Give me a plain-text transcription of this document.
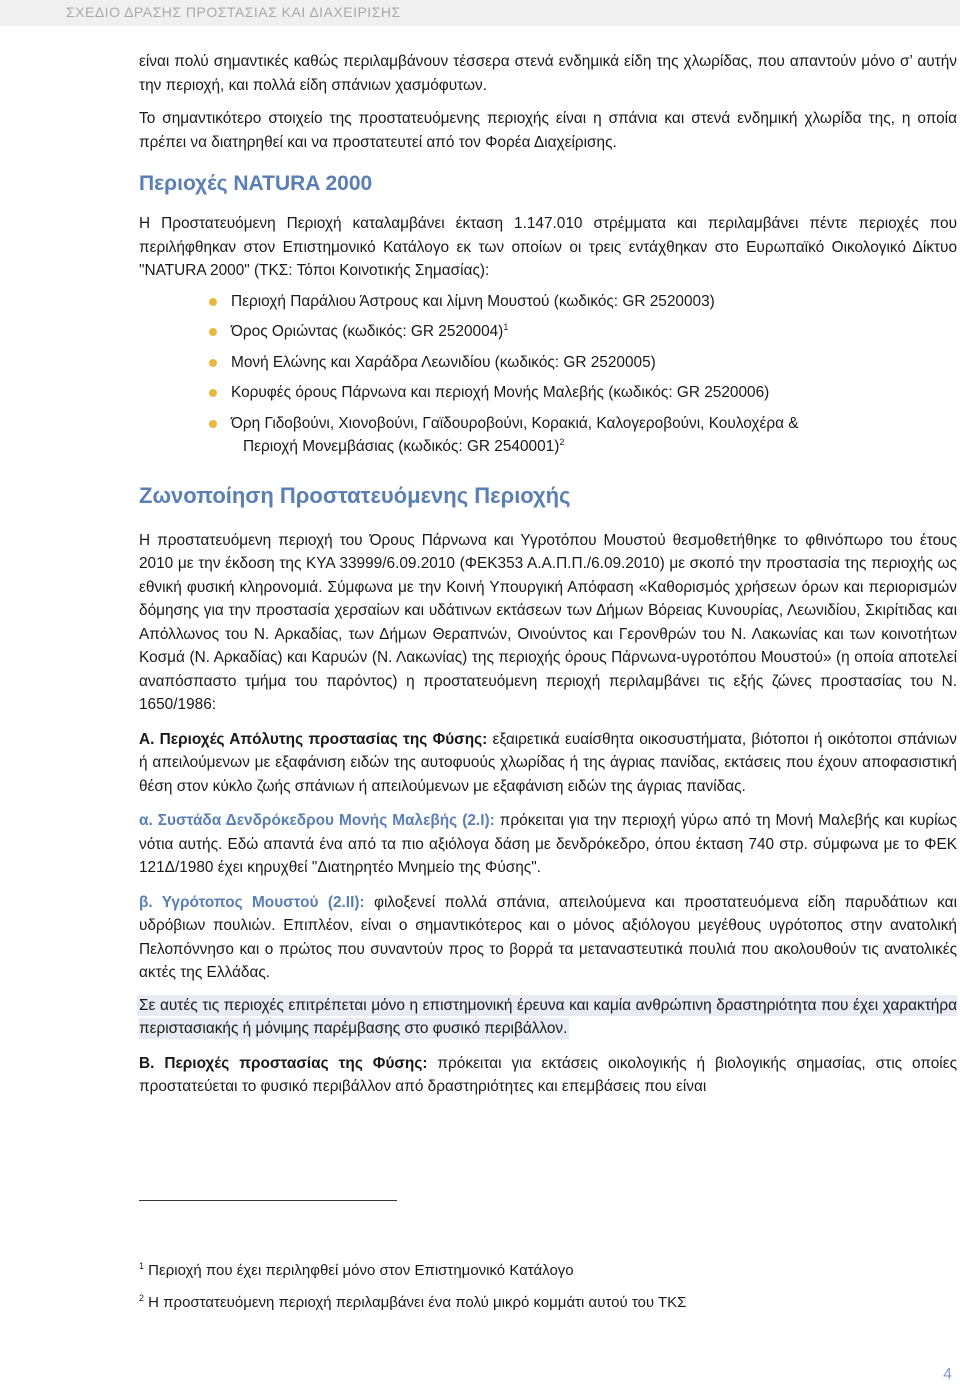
ΣΧΕΔΙΟ ΔΡΑΣΗΣ ΠΡΟΣΤΑΣΙΑΣ ΚΑΙ ΔΙΑΧΕΙΡΙΣΗΣ

είναι πολύ σημαντικές καθώς περιλαμβάνουν τέσσερα στενά ενδημικά είδη της χλωρίδας, που απαντούν μόνο σ’ αυτήν την περιοχή, και πολλά είδη σπάνιων χασμόφυτων.

Το σημαντικότερο στοιχείο της προστατευόμενης περιοχής είναι η σπάνια και στενά ενδημική χλωρίδα της, η οποία πρέπει να διατηρηθεί και να προστατευτεί από τον Φορέα Διαχείρισης.

Περιοχές NATURA 2000

Η Προστατευόμενη Περιοχή καταλαμβάνει έκταση 1.147.010 στρέμματα και περιλαμβάνει πέντε περιοχές που περιλήφθηκαν στον Επιστημονικό Κατάλογο εκ των οποίων οι τρεις εντάχθηκαν στο Ευρωπαϊκό Οικολογικό Δίκτυο "NATURA 2000" (ΤΚΣ: Τόποι Κοινοτικής Σημασίας):

Περιοχή Παράλιου Άστρους και λίμνη Μουστού (κωδικός: GR 2520003)
Όρος Οριώντας (κωδικός: GR 2520004)$^1$
Μονή Ελώνης και Χαράδρα Λεωνιδίου (κωδικός: GR 2520005)
Κορυφές όρους Πάρνωνα και περιοχή Μονής Μαλεβής (κωδικός: GR 2520006)
Όρη Γιδοβούνι, Χιονοβούνι, Γαϊδουροβούνι, Κορακιά, Καλογεροβούνι, Κουλοχέρα &
Περιοχή Μονεμβάσιας (κωδικός: GR 2540001)$^2$
Ζωνοποίηση Προστατευόμενης Περιοχής

Η προστατευόμενη περιοχή του Όρους Πάρνωνα και Υγροτόπου Μουστού θεσμοθετήθηκε το φθινόπωρο του έτους 2010 με την έκδοση της ΚΥΑ 33999/6.09.2010 (ΦΕΚ353 Α.Α.Π.Π./6.09.2010) με σκοπό την προστασία της περιοχής ως εθνική φυσική κληρονομιά. Σύμφωνα με την Κοινή Υπουργική Απόφαση «Καθορισμός χρήσεων όρων και περιορισμών δόμησης για την προστασία χερσαίων και υδάτινων εκτάσεων των Δήμων Βόρειας Κυνουρίας, Λεωνιδίου, Σκιρίτιδας και Απόλλωνος του Ν. Αρκαδίας, των Δήμων Θεραπνών, Οινούντος και Γερονθρών του Ν. Λακωνίας και των κοινοτήτων Κοσμά (Ν. Αρκαδίας) και Καρυών (Ν. Λακωνίας) της περιοχής όρους Πάρνωνα-υγροτόπου Μουστού» (η οποία αποτελεί αναπόσπαστο τμήμα του παρόντος) η προστατευόμενη περιοχή περιλαμβάνει τις εξής ζώνες προστασίας του Ν. 1650/1986:

Α. Περιοχές Απόλυτης προστασίας της Φύσης: εξαιρετικά ευαίσθητα οικοσυστήματα, βιότοποι ή οικότοποι σπάνιων ή απειλούμενων με εξαφάνιση ειδών της αυτοφυούς χλωρίδας ή της άγριας πανίδας, εκτάσεις που έχουν αποφασιστική θέση στον κύκλο ζωής σπάνιων ή απειλούμενων με εξαφάνιση ειδών της άγριας πανίδας.

α. Συστάδα Δενδρόκεδρου Μονής Μαλεβής (2.Ι): πρόκειται για την περιοχή γύρω από τη Μονή Μαλεβής και κυρίως νότια αυτής. Εδώ απαντά ένα από τα πιο αξιόλογα δάση με δενδρόκεδρο, όπου έκταση 740 στρ. σύμφωνα με το ΦΕΚ 121Δ/1980 έχει κηρυχθεί "Διατηρητέο Μνημείο της Φύσης".

β. Υγρότοπος Μουστού (2.ΙΙ): φιλοξενεί πολλά σπάνια, απειλούμενα και προστατευόμενα είδη παρυδάτιων και υδρόβιων πουλιών. Επιπλέον, είναι ο σημαντικότερος και ο μόνος αξιόλογου μεγέθους υγρότοπος στην ανατολική Πελοπόννησο και ο πρώτος που συναντούν προς το βορρά τα μεταναστευτικά πουλιά που ακολουθούν τις ανατολικές ακτές της Ελλάδας.

Σε αυτές τις περιοχές επιτρέπεται μόνο η επιστημονική έρευνα και καμία ανθρώπινη δραστηριότητα που έχει χαρακτήρα περιστασιακής ή μόνιμης παρέμβασης στο φυσικό περιβάλλον.

Β. Περιοχές προστασίας της Φύσης: πρόκειται για εκτάσεις οικολογικής ή βιολογικής σημασίας, στις οποίες προστατεύεται το φυσικό περιβάλλον από δραστηριότητες και επεμβάσεις που είναι

$^1$ Περιοχή που έχει περιληφθεί μόνο στον Επιστημονικό Κατάλογο
$^2$ Η προστατευόμενη περιοχή περιλαμβάνει ένα πολύ μικρό κομμάτι αυτού του ΤΚΣ
4
